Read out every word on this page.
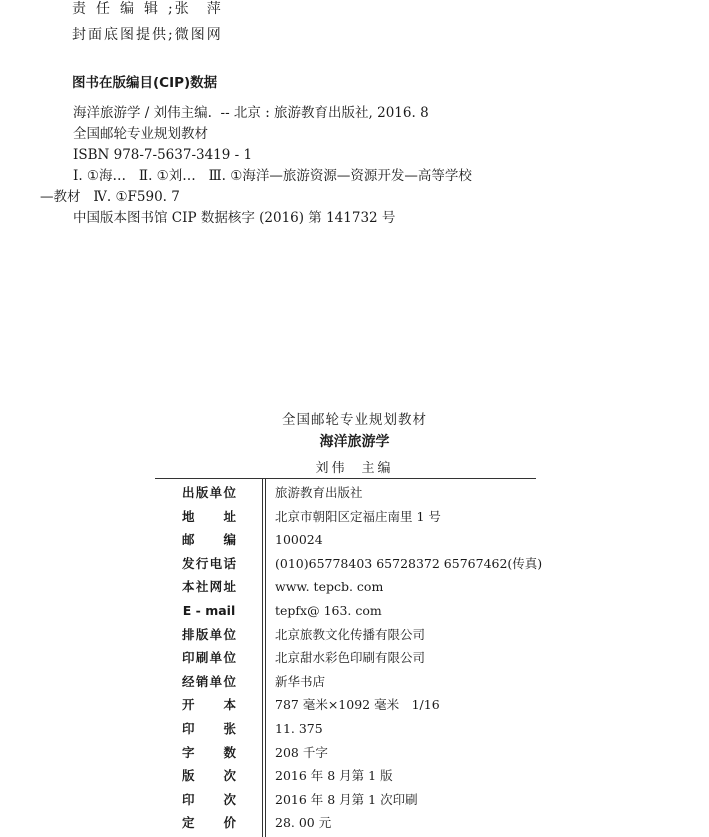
责任编辑;张　萍
封面底图提供;微图网
图书在版编目(CIP)数据
海洋旅游学 / 刘伟主编.  -- 北京 : 旅游教育出版社, 2016. 8
全国邮轮专业规划教材
ISBN 978-7-5637-3419 - 1
Ⅰ. ①海…   Ⅱ. ①刘…   Ⅲ. ①海洋—旅游资源—资源开发—高等学校—教材   Ⅳ. ①F590. 7
中国版本图书馆 CIP 数据核字 (2016) 第 141732 号
全国邮轮专业规划教材
海洋旅游学
刘伟 主编
出版单位	旅游教育出版社
地址	北京市朝阳区定福庄南里 1 号
邮编	100024
发行电话	(010)65778403 65728372 65767462(传真)
本社网址	www. tepcb. com
E - mail	tepfx@ 163. com
排版单位	北京旅教文化传播有限公司
印刷单位	北京甜水彩色印刷有限公司
经销单位	新华书店
开本	787 毫米×1092 毫米　1/16
印张	11. 375
字数	208 千字
版次	2016 年 8 月第 1 版
印次	2016 年 8 月第 1 次印刷
定价	28. 00 元
